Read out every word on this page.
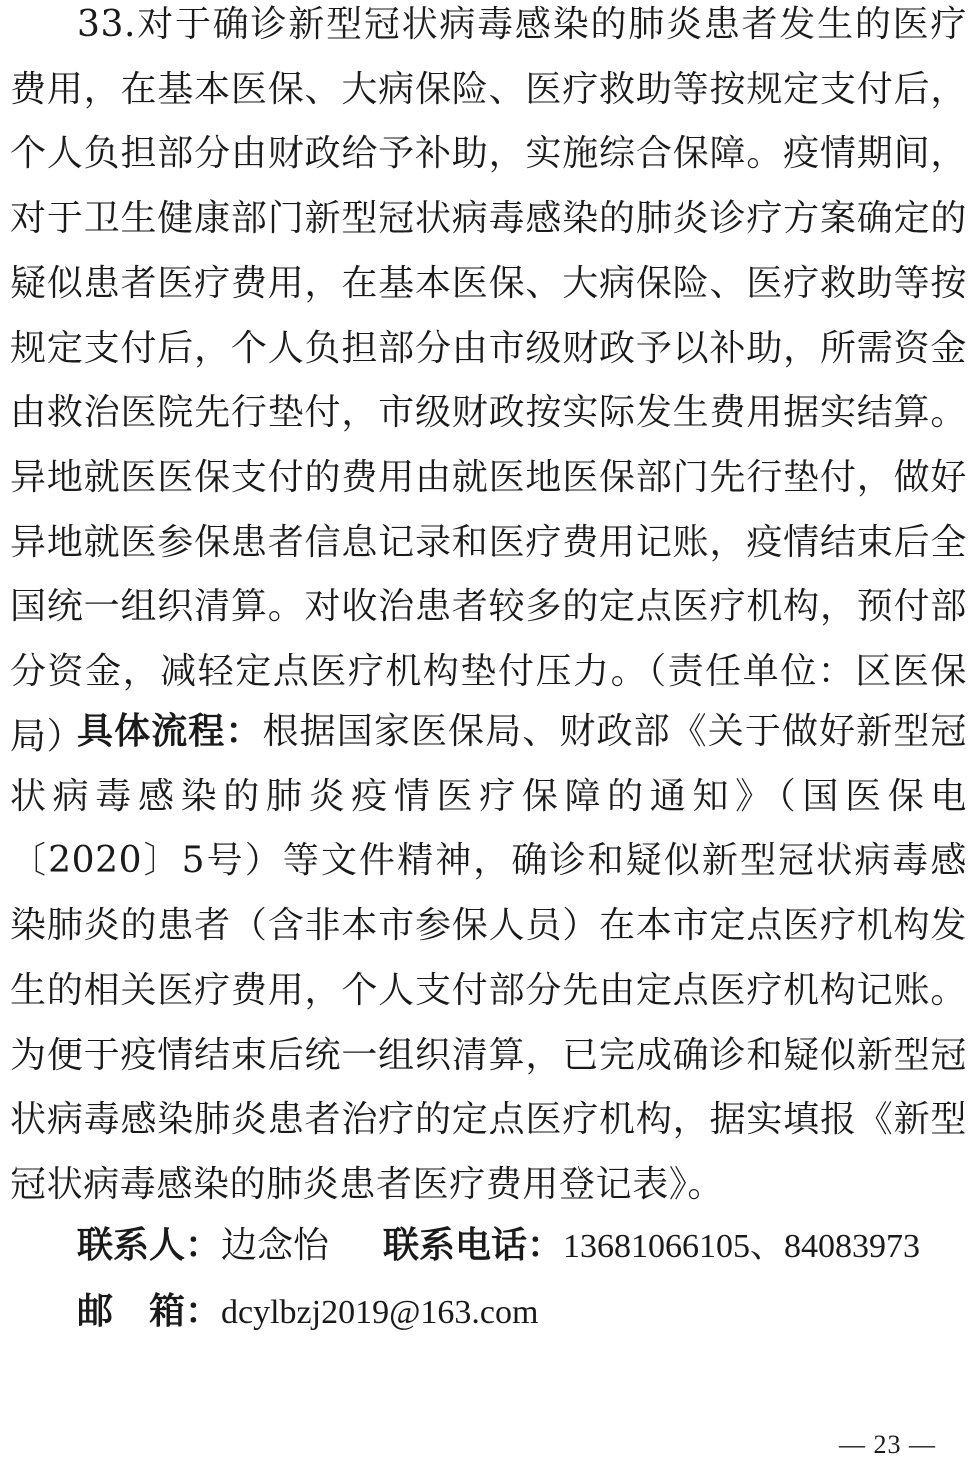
33.对于确诊新型冠状病毒感染的肺炎患者发生的医疗费用，在基本医保、大病保险、医疗救助等按规定支付后，个人负担部分由财政给予补助，实施综合保障。疫情期间，对于卫生健康部门新型冠状病毒感染的肺炎诊疗方案确定的疑似患者医疗费用，在基本医保、大病保险、医疗救助等按规定支付后，个人负担部分由市级财政予以补助，所需资金由救治医院先行垫付，市级财政按实际发生费用据实结算。异地就医医保支付的费用由就医地医保部门先行垫付，做好异地就医参保患者信息记录和医疗费用记账，疫情结束后全国统一组织清算。对收治患者较多的定点医疗机构，预付部分资金，减轻定点医疗机构垫付压力。（责任单位：区医保局）

具体流程：根据国家医保局、财政部《关于做好新型冠状病毒感染的肺炎疫情医疗保障的通知》（国医保电〔2020〕5号）等文件精神，确诊和疑似新型冠状病毒感染肺炎的患者（含非本市参保人员）在本市定点医疗机构发生的相关医疗费用，个人支付部分先由定点医疗机构记账。为便于疫情结束后统一组织清算，已完成确诊和疑似新型冠状病毒感染肺炎患者治疗的定点医疗机构，据实填报《新型冠状病毒感染的肺炎患者医疗费用登记表》。

联系人：边念怡 联系电话：13681066105、84083973
邮　箱：dcylbzj2019@163.com
— 23 —
